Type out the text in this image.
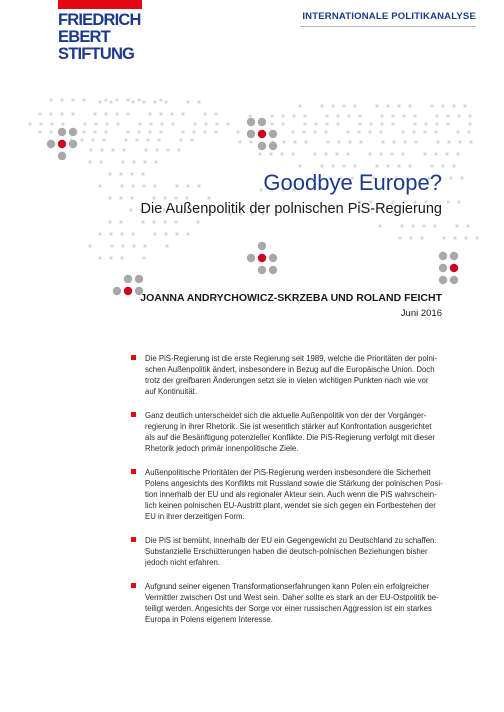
FRIEDRICH
EBERT
STIFTUNG
INTERNATIONALE POLITIKANALYSE
Goodbye Europe?
Die Außenpolitik der polnischen PiS-Regierung
JOANNA ANDRYCHOWICZ-SKRZEBA UND ROLAND FEICHT
Juni 2016
Die PiS-Regierung ist die erste Regierung seit 1989, welche die Prioritäten der polni-
schen Außenpolitik ändert, insbesondere in Bezug auf die Europäische Union. Doch
trotz der greifbaren Änderungen setzt sie in vielen wichtigen Punkten nach wie vor
auf Kontinuität.
Ganz deutlich unterscheidet sich die aktuelle Außenpolitik von der der Vorgänger-
regierung in ihrer Rhetorik. Sie ist wesentlich stärker auf Konfrontation ausgerichtet
als auf die Besänftigung potenzieller Konflikte. Die PiS-Regierung verfolgt mit dieser
Rhetorik jedoch primär innenpolitische Ziele.
Außenpolitische Prioritäten der PiS-Regierung werden insbesondere die Sicherheit
Polens angesichts des Konflikts mit Russland sowie die Stärkung der polnischen Posi-
tion innerhalb der EU und als regionaler Akteur sein. Auch wenn die PiS wahrschein-
lich keinen polnischen EU-Austritt plant, wendet sie sich gegen ein Fortbestehen der
EU in ihrer derzeitigen Form.
Die PiS ist bemüht, innerhalb der EU ein Gegengewicht zu Deutschland zu schaffen.
Substanzielle Erschütterungen haben die deutsch-polnischen Beziehungen bisher
jedoch nicht erfahren.
Aufgrund seiner eigenen Transformationserfahrungen kann Polen ein erfolgreicher
Vermittler zwischen Ost und West sein. Daher sollte es stark an der EU-Ostpolitik be-
teiligt werden. Angesichts der Sorge vor einer russischen Aggression ist ein starkes
Europa in Polens eigenem Interesse.
